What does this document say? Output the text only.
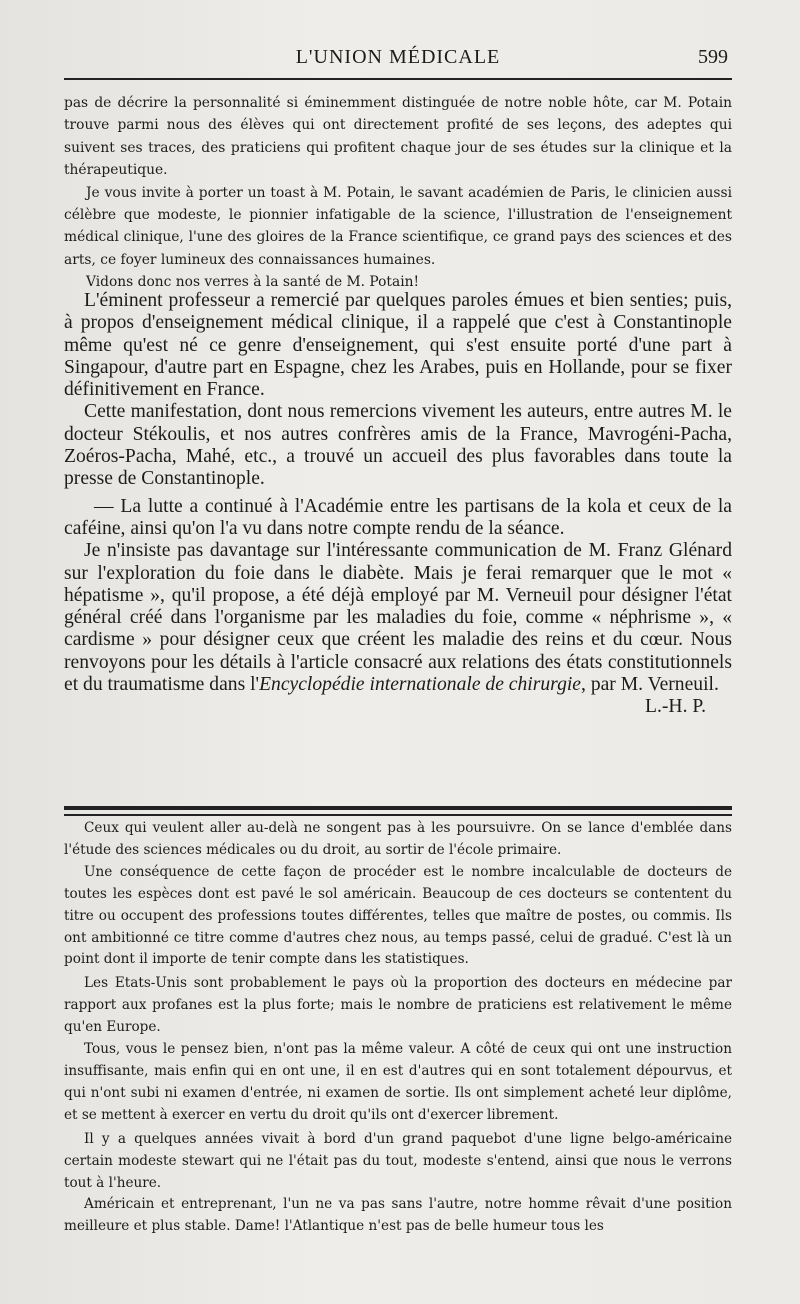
L'UNION MÉDICALE	599

pas de décrire la personnalité si éminemment distinguée de notre noble hôte, car M. Potain trouve parmi nous des élèves qui ont directement profité de ses leçons, des adeptes qui suivent ses traces, des praticiens qui profitent chaque jour de ses études sur la clinique et la thérapeutique.

Je vous invite à porter un toast à M. Potain, le savant académien de Paris, le clinicien aussi célèbre que modeste, le pionnier infatigable de la science, l'illustration de l'enseignement médical clinique, l'une des gloires de la France scientifique, ce grand pays des sciences et des arts, ce foyer lumineux des connaissances humaines.

Vidons donc nos verres à la santé de M. Potain!

L'éminent professeur a remercié par quelques paroles émues et bien senties; puis, à propos d'enseignement médical clinique, il a rappelé que c'est à Constantinople même qu'est né ce genre d'enseignement, qui s'est ensuite porté d'une part à Singapour, d'autre part en Espagne, chez les Arabes, puis en Hollande, pour se fixer définitivement en France.

Cette manifestation, dont nous remercions vivement les auteurs, entre autres M. le docteur Stékoulis, et nos autres confrères amis de la France, Mavrogéni-Pacha, Zoéros-Pacha, Mahé, etc., a trouvé un accueil des plus favorables dans toute la presse de Constantinople.

— La lutte a continué à l'Académie entre les partisans de la kola et ceux de la caféine, ainsi qu'on l'a vu dans notre compte rendu de la séance.

Je n'insiste pas davantage sur l'intéressante communication de M. Franz Glénard sur l'exploration du foie dans le diabète. Mais je ferai remarquer que le mot « hépatisme », qu'il propose, a été déjà employé par M. Verneuil pour désigner l'état général créé dans l'organisme par les maladies du foie, comme « néphrisme », « cardisme » pour désigner ceux que créent les maladie des reins et du cœur. Nous renvoyons pour les détails à l'article consacré aux relations des états constitutionnels et du traumatisme dans l'Encyclopédie internationale de chirurgie, par M. Verneuil.

L.-H. P.

Ceux qui veulent aller au-delà ne songent pas à les poursuivre. On se lance d'emblée dans l'étude des sciences médicales ou du droit, au sortir de l'école primaire.

Une conséquence de cette façon de procéder est le nombre incalculable de docteurs de toutes les espèces dont est pavé le sol américain. Beaucoup de ces docteurs se contentent du titre ou occupent des professions toutes différentes, telles que maître de postes, ou commis. Ils ont ambitionné ce titre comme d'autres chez nous, au temps passé, celui de gradué. C'est là un point dont il importe de tenir compte dans les statistiques.

Les Etats-Unis sont probablement le pays où la proportion des docteurs en médecine par rapport aux profanes est la plus forte; mais le nombre de praticiens est relativement le même qu'en Europe.

Tous, vous le pensez bien, n'ont pas la même valeur. A côté de ceux qui ont une instruction insuffisante, mais enfin qui en ont une, il en est d'autres qui en sont totalement dépourvus, et qui n'ont subi ni examen d'entrée, ni examen de sortie. Ils ont simplement acheté leur diplôme, et se mettent à exercer en vertu du droit qu'ils ont d'exercer librement.

Il y a quelques années vivait à bord d'un grand paquebot d'une ligne belgo-américaine certain modeste stewart qui ne l'était pas du tout, modeste s'entend, ainsi que nous le verrons tout à l'heure.

Américain et entreprenant, l'un ne va pas sans l'autre, notre homme rêvait d'une position meilleure et plus stable. Dame! l'Atlantique n'est pas de belle humeur tous les
